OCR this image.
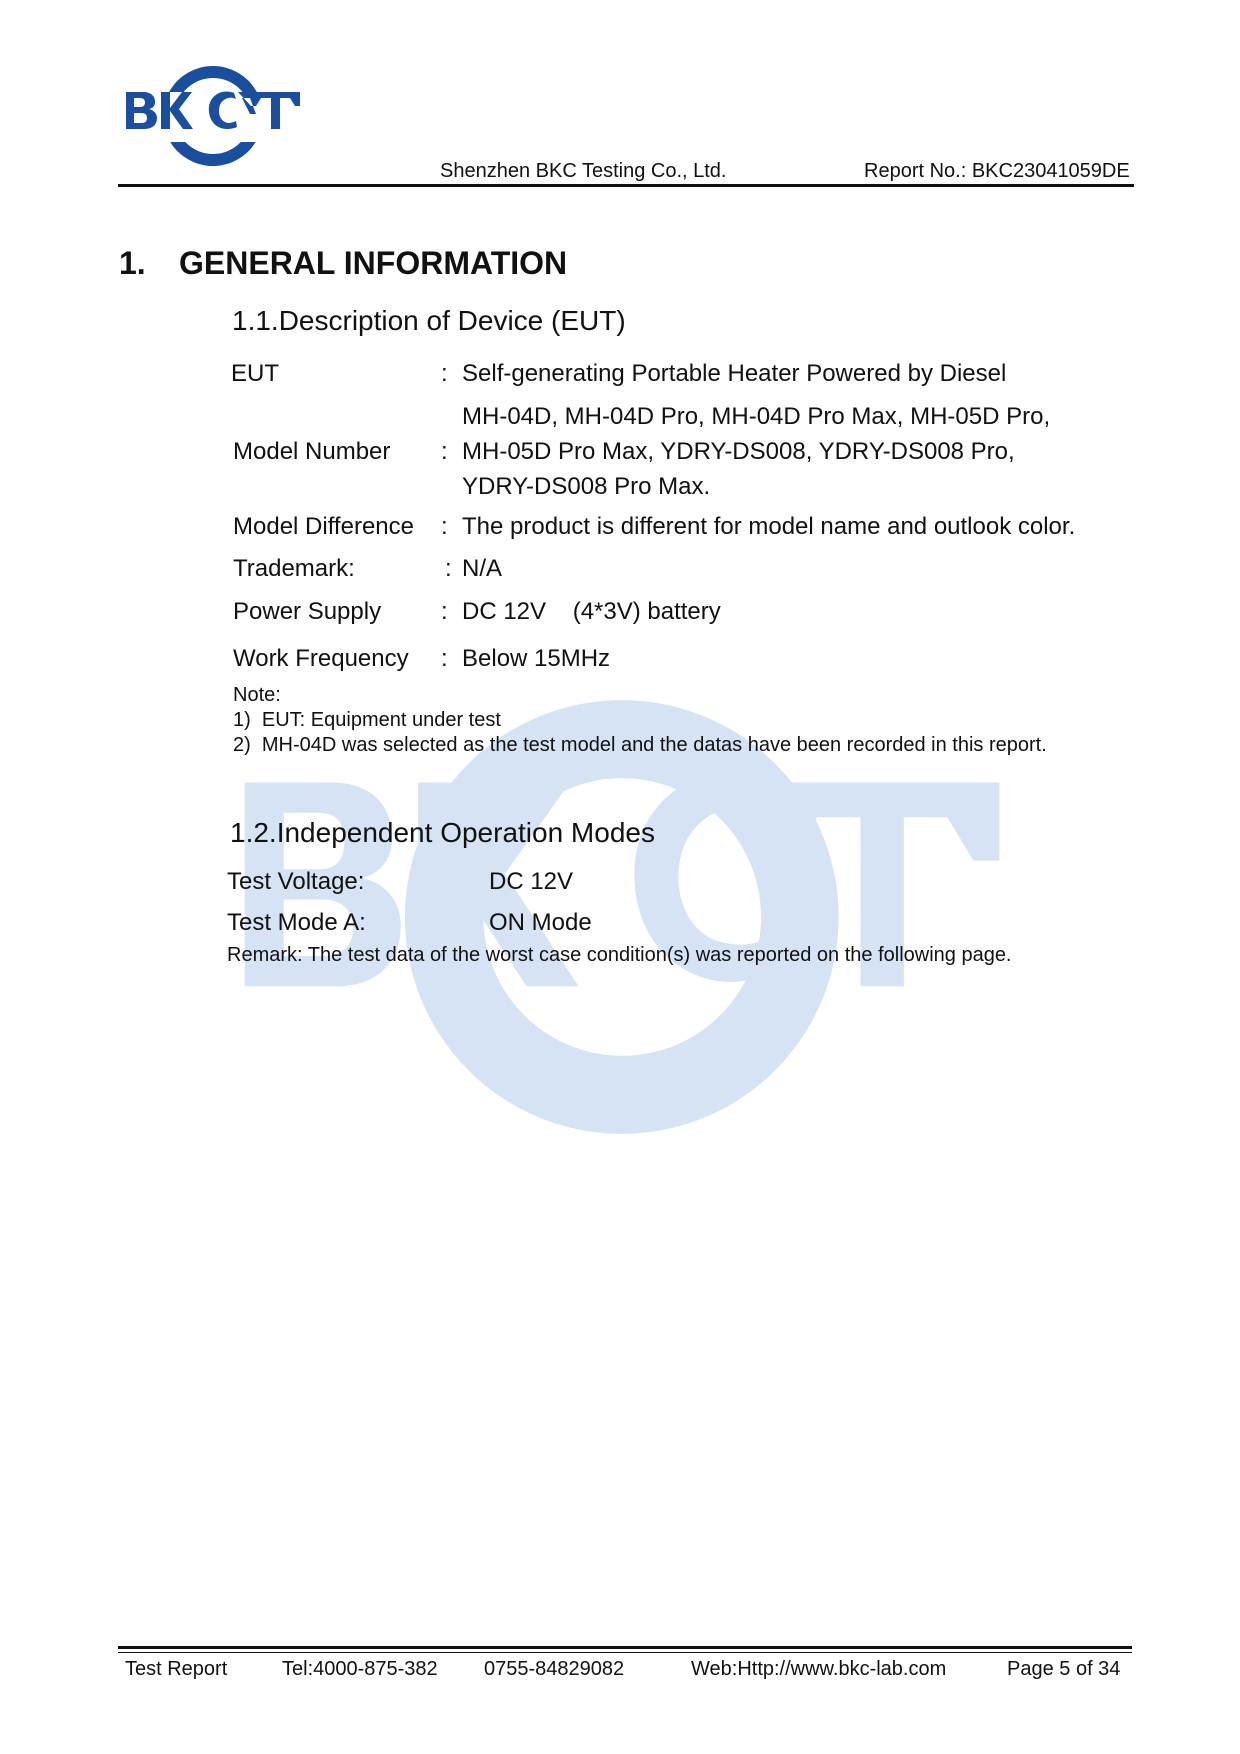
Shenzhen BKC Testing Co., Ltd.	Report No.: BKC23041059DE
1. GENERAL INFORMATION
1.1.Description of Device (EUT)
EUT	: Self-generating Portable Heater Powered by Diesel
Model Number :
MH-04D, MH-04D Pro, MH-04D Pro Max, MH-05D Pro,
MH-05D Pro Max, YDRY-DS008, YDRY-DS008 Pro,
YDRY-DS008 Pro Max.
Model Difference : The product is different for model name and outlook color.
Trademark:	: N/A
Power Supply : DC 12V    (4*3V) battery
Work Frequency : Below 15MHz
Note:
1)  EUT: Equipment under test
2)  MH-04D was selected as the test model and the datas have been recorded in this report.
1.2.Independent Operation Modes
Test Voltage:	DC 12V
Test Mode A:	ON Mode
Remark: The test data of the worst case condition(s) was reported on the following page.
Test Report	Tel:4000-875-382 0755-84829082	Web:Http://www.bkc-lab.com	Page 5 of 34
